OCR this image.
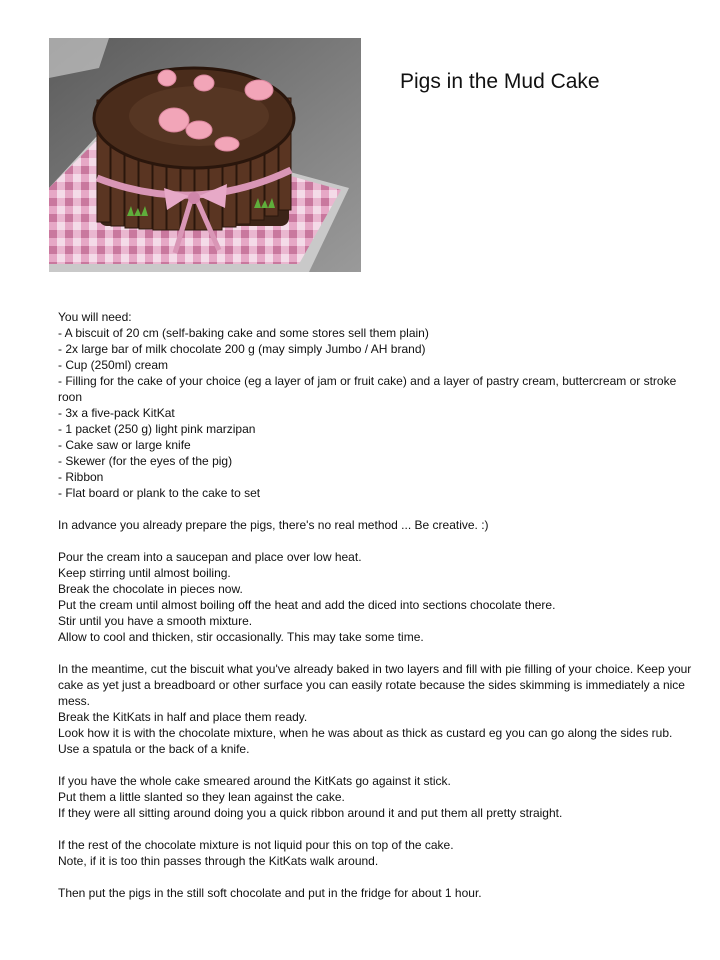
Pigs in the Mud Cake
You will need:
- A biscuit of 20 cm (self-baking cake and some stores sell them plain)
- 2x large bar of milk chocolate 200 g (may simply Jumbo / AH brand)
- Cup (250ml) cream
- Filling for the cake of your choice (eg a layer of jam or fruit cake) and a layer of pastry cream, buttercream or stroke roon
- 3x a five-pack KitKat
- 1 packet (250 g) light pink marzipan
- Cake saw or large knife
- Skewer (for the eyes of the pig)
- Ribbon
- Flat board or plank to the cake to set
In advance you already prepare the pigs, there's no real method ... Be creative. :)
Pour the cream into a saucepan and place over low heat.
Keep stirring until almost boiling.
Break the chocolate in pieces now.
Put the cream until almost boiling off the heat and add the diced into sections chocolate there.
Stir until you have a smooth mixture.
Allow to cool and thicken, stir occasionally. This may take some time.
In the meantime, cut the biscuit what you've already baked in two layers and fill with pie filling of your choice. Keep your cake as yet just a breadboard or other surface you can easily rotate because the sides skimming is immediately a nice mess.
Break the KitKats in half and place them ready.
Look how it is with the chocolate mixture, when he was about as thick as custard eg you can go along the sides rub.
Use a spatula or the back of a knife.
If you have the whole cake smeared around the KitKats go against it stick.
Put them a little slanted so they lean against the cake.
If they were all sitting around doing you a quick ribbon around it and put them all pretty straight.
If the rest of the chocolate mixture is not liquid pour this on top of the cake.
Note, if it is too thin passes through the KitKats walk around.
Then put the pigs in the still soft chocolate and put in the fridge for about 1 hour.
